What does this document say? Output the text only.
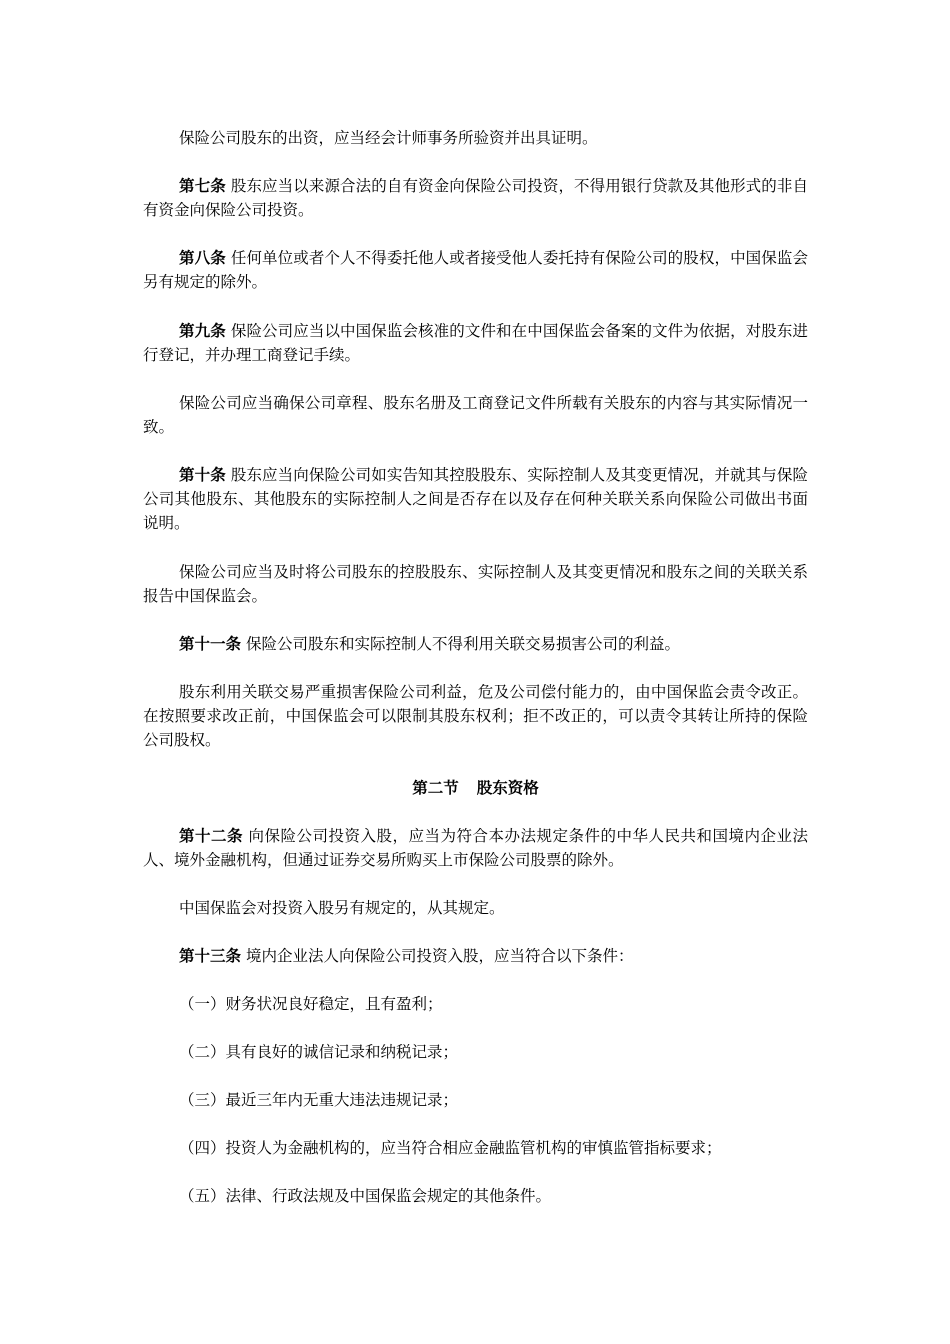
保险公司股东的出资，应当经会计师事务所验资并出具证明。

第七条 股东应当以来源合法的自有资金向保险公司投资，不得用银行贷款及其他形式的非自有资金向保险公司投资。

第八条 任何单位或者个人不得委托他人或者接受他人委托持有保险公司的股权，中国保监会另有规定的除外。

第九条 保险公司应当以中国保监会核准的文件和在中国保监会备案的文件为依据，对股东进行登记，并办理工商登记手续。

保险公司应当确保公司章程、股东名册及工商登记文件所载有关股东的内容与其实际情况一致。

第十条 股东应当向保险公司如实告知其控股股东、实际控制人及其变更情况，并就其与保险公司其他股东、其他股东的实际控制人之间是否存在以及存在何种关联关系向保险公司做出书面说明。

保险公司应当及时将公司股东的控股股东、实际控制人及其变更情况和股东之间的关联关系报告中国保监会。

第十一条 保险公司股东和实际控制人不得利用关联交易损害公司的利益。

股东利用关联交易严重损害保险公司利益，危及公司偿付能力的，由中国保监会责令改正。在按照要求改正前，中国保监会可以限制其股东权利；拒不改正的，可以责令其转让所持的保险公司股权。

第二节 股东资格

第十二条 向保险公司投资入股，应当为符合本办法规定条件的中华人民共和国境内企业法人、境外金融机构，但通过证券交易所购买上市保险公司股票的除外。

中国保监会对投资入股另有规定的，从其规定。

第十三条 境内企业法人向保险公司投资入股，应当符合以下条件：

（一）财务状况良好稳定，且有盈利；

（二）具有良好的诚信记录和纳税记录；

（三）最近三年内无重大违法违规记录；

（四）投资人为金融机构的，应当符合相应金融监管机构的审慎监管指标要求；

（五）法律、行政法规及中国保监会规定的其他条件。
